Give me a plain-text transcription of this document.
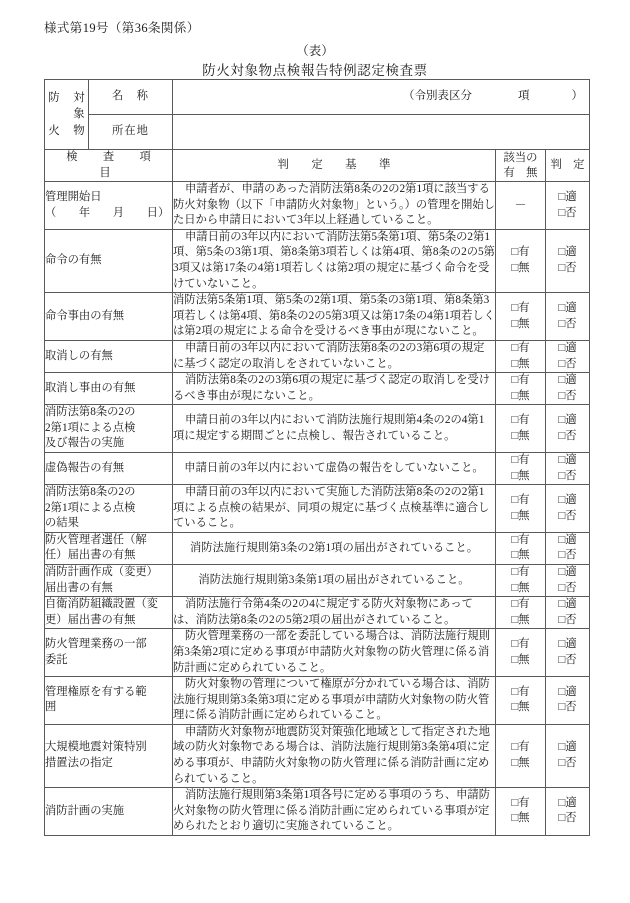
様式第19号（第36条関係）
（表）
防火対象物点検報告特例認定検査票
防 対
象
火 物	名　称	（令別表区分 項 ）		

	所在地			
検　査　項　目		判　　定　　基　　準	該当の
有　無	判　定

管理開始日
（　　年　　月　　日）		申請者が、申請のあった消防法第8条の2の2第1項に該当する防火対象物（以下「申請防火対象物」という。）の管理を開始した日から申請日において3年以上経過していること。	－	□適
□否

命令の有無		申請日前の3年以内において消防法第5条第1項、第5条の2第1項、第5条の3第1項、第8条第3項若しくは第4項、第8条の2の5第3項又は第17条の4第1項若しくは第2項の規定に基づく命令を受けていないこと。	□有
□無	□適
□否

命令事由の有無		消防法第5条第1項、第5条の2第1項、第5条の3第1項、第8条第3項若しくは第4項、第8条の2の5第3項又は第17条の4第1項若しくは第2項の規定による命令を受けるべき事由が現にないこと。	□有
□無	□適
□否

取消しの有無		申請日前の3年以内において消防法第8条の2の3第6項の規定に基づく認定の取消しをされていないこと。	□有
□無	□適
□否

取消し事由の有無		消防法第8条の2の3第6項の規定に基づく認定の取消しを受けるべき事由が現にないこと。	□有
□無	□適
□否

消防法第8条の2の
2第1項による点検
及び報告の実施		申請日前の3年以内において消防法施行規則第4条の2の4第1項に規定する期間ごとに点検し、報告されていること。	□有
□無	□適
□否

虚偽報告の有無		申請日前の3年以内において虚偽の報告をしていないこと。	□有
□無	□適
□否

消防法第8条の2の
2第1項による点検
の結果		申請日前の3年以内において実施した消防法第8条の2の2第1項による点検の結果が、同項の規定に基づく点検基準に適合していること。	□有
□無	□適
□否

防火管理者選任（解
任）届出書の有無		消防法施行規則第3条の2第1項の届出がされていること。	□有
□無	□適
□否

消防計画作成（変更）
届出書の有無		消防法施行規則第3条第1項の届出がされていること。	□有
□無	□適
□否

自衛消防組織設置（変
更）届出書の有無		消防法施行令第4条の2の4に規定する防火対象物にあっては、消防法第8条の2の5第2項の届出がされていること。	□有
□無	□適
□否

防火管理業務の一部
委託		防火管理業務の一部を委託している場合は、消防法施行規則第3条第2項に定める事項が申請防火対象物の防火管理に係る消防計画に定められていること。	□有
□無	□適
□否

管理権原を有する範
囲		防火対象物の管理について権原が分かれている場合は、消防法施行規則第3条第3項に定める事項が申請防火対象物の防火管理に係る消防計画に定められていること。	□有
□無	□適
□否

大規模地震対策特別
措置法の指定		申請防火対象物が地震防災対策強化地域として指定された地域の防火対象物である場合は、消防法施行規則第3条第4項に定める事項が、申請防火対象物の防火管理に係る消防計画に定められていること。	□有
□無	□適
□否

消防計画の実施		消防法施行規則第3条第1項各号に定める事項のうち、申請防火対象物の防火管理に係る消防計画に定められている事項が定められたとおり適切に実施されていること。	□有
□無	□適
□否
